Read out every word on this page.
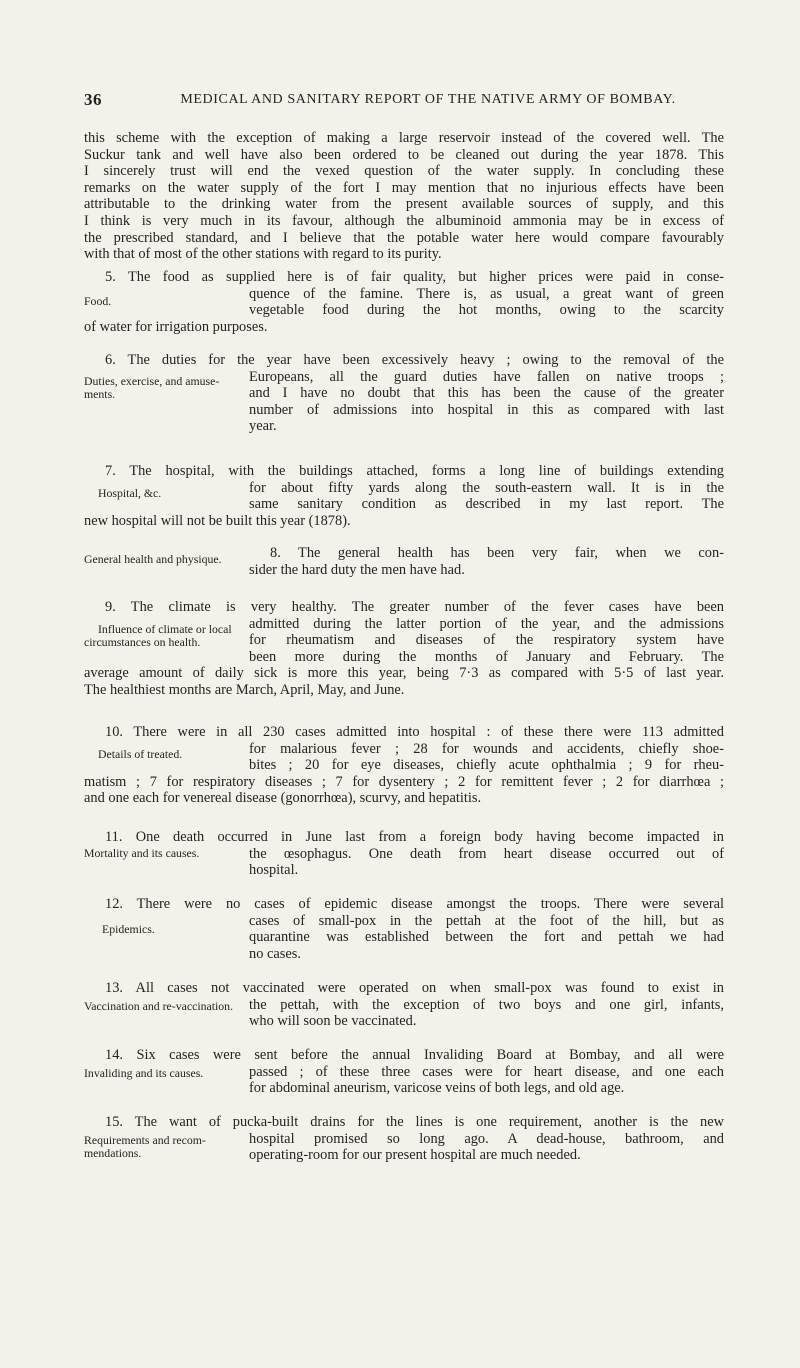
36	MEDICAL AND SANITARY REPORT OF THE NATIVE ARMY OF BOMBAY.
this scheme with the exception of making a large reservoir instead of the covered well. The
Suckur tank and well have also been ordered to be cleaned out during the year 1878. This
I sincerely trust will end the vexed question of the water supply. In concluding these
remarks on the water supply of the fort I may mention that no injurious effects have been
attributable to the drinking water from the present available sources of supply, and this
I think is very much in its favour, although the albuminoid ammonia may be in excess of
the prescribed standard, and I believe that the potable water here would compare favourably
with that of most of the other stations with regard to its purity.
Food.
5. The food as supplied here is of fair quality, but higher prices were paid in conse-
quence of the famine. There is, as usual, a great want of green
vegetable food during the hot months, owing to the scarcity
of water for irrigation purposes.
Duties, exercise, and amuse-
ments.
6. The duties for the year have been excessively heavy ; owing to the removal of the
Europeans, all the guard duties have fallen on native troops ;
and I have no doubt that this has been the cause of the greater
number of admissions into hospital in this as compared with last
year.
Hospital, &c.
7. The hospital, with the buildings attached, forms a long line of buildings extending
for about fifty yards along the south-eastern wall. It is in the
same sanitary condition as described in my last report. The
new hospital will not be built this year (1878).
General health and physique.	8. The general health has been very fair, when we con-
sider the hard duty the men have had.
Influence of climate or local
circumstances on health.
9. The climate is very healthy. The greater number of the fever cases have been
admitted during the latter portion of the year, and the admissions
for rheumatism and diseases of the respiratory system have
been more during the months of January and February. The
average amount of daily sick is more this year, being 7·3 as compared with 5·5 of last year.
The healthiest months are March, April, May, and June.
Details of treated.
10. There were in all 230 cases admitted into hospital : of these there were 113 admitted
for malarious fever ; 28 for wounds and accidents, chiefly shoe-
bites ; 20 for eye diseases, chiefly acute ophthalmia ; 9 for rheu-
matism ; 7 for respiratory diseases ; 7 for dysentery ; 2 for remittent fever ; 2 for diarrhœa ;
and one each for venereal disease (gonorrhœa), scurvy, and hepatitis.
Mortality and its causes.
11. One death occurred in June last from a foreign body having become impacted in
the œsophagus. One death from heart disease occurred out of
hospital.
Epidemics.
12. There were no cases of epidemic disease amongst the troops. There were several
cases of small-pox in the pettah at the foot of the hill, but as
quarantine was established between the fort and pettah we had
no cases.
Vaccination and re-vaccination.
13. All cases not vaccinated were operated on when small-pox was found to exist in
the pettah, with the exception of two boys and one girl, infants,
who will soon be vaccinated.
Invaliding and its causes.
14. Six cases were sent before the annual Invaliding Board at Bombay, and all were
passed ; of these three cases were for heart disease, and one each
for abdominal aneurism, varicose veins of both legs, and old age.
Requirements and recom-
mendations.
15. The want of pucka-built drains for the lines is one requirement, another is the new
hospital promised so long ago. A dead-house, bathroom, and
operating-room for our present hospital are much needed.
